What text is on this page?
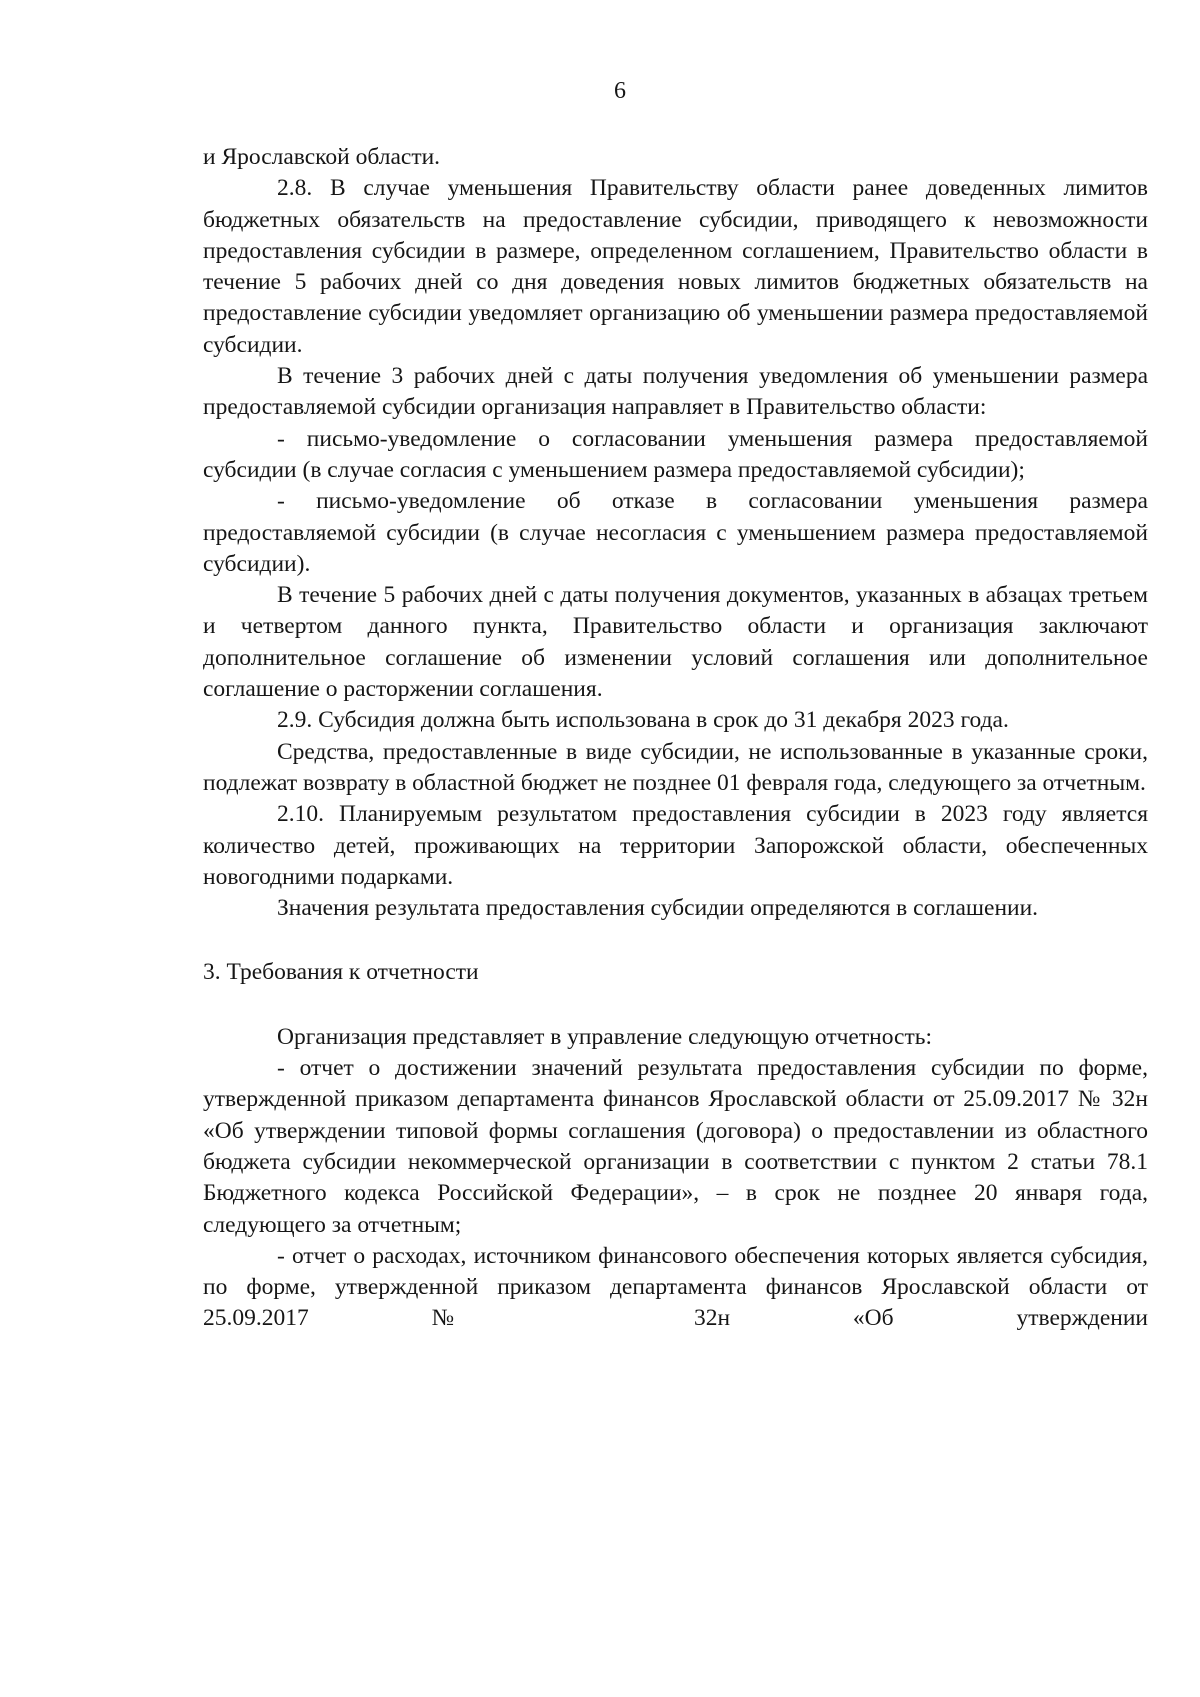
6

и Ярославской области.

2.8. В случае уменьшения Правительству области ранее доведенных лимитов бюджетных обязательств на предоставление субсидии, приводящего к невозможности предоставления субсидии в размере, определенном соглашением, Правительство области в течение 5 рабочих дней со дня доведения новых лимитов бюджетных обязательств на предоставление субсидии уведомляет организацию об уменьшении размера предоставляемой субсидии.

В течение 3 рабочих дней с даты получения уведомления об уменьшении размера предоставляемой субсидии организация направляет в Правительство области:

- письмо-уведомление о согласовании уменьшения размера предоставляемой субсидии (в случае согласия с уменьшением размера предоставляемой субсидии);

- письмо-уведомление об отказе в согласовании уменьшения размера предоставляемой субсидии (в случае несогласия с уменьшением размера предоставляемой субсидии).

В течение 5 рабочих дней с даты получения документов, указанных в абзацах третьем и четвертом данного пункта, Правительство области и организация заключают дополнительное соглашение об изменении условий соглашения или дополнительное соглашение о расторжении соглашения.

2.9. Субсидия должна быть использована в срок до 31 декабря 2023 года.

Средства, предоставленные в виде субсидии, не использованные в указанные сроки, подлежат возврату в областной бюджет не позднее 01 февраля года, следующего за отчетным.

2.10. Планируемым результатом предоставления субсидии в 2023 году является количество детей, проживающих на территории Запорожской области, обеспеченных новогодними подарками.

Значения результата предоставления субсидии определяются в соглашении.

3. Требования к отчетности

Организация представляет в управление следующую отчетность:

- отчет о достижении значений результата предоставления субсидии по форме, утвержденной приказом департамента финансов Ярославской области от 25.09.2017 № 32н «Об утверждении типовой формы соглашения (договора) о предоставлении из областного бюджета субсидии некоммерческой организации в соответствии с пунктом 2 статьи 78.1 Бюджетного кодекса Российской Федерации», – в срок не позднее 20 января года, следующего за отчетным;

- отчет о расходах, источником финансового обеспечения которых является субсидия, по форме, утвержденной приказом департамента финансов Ярославской области от 25.09.2017 № 32н «Об утверждении
